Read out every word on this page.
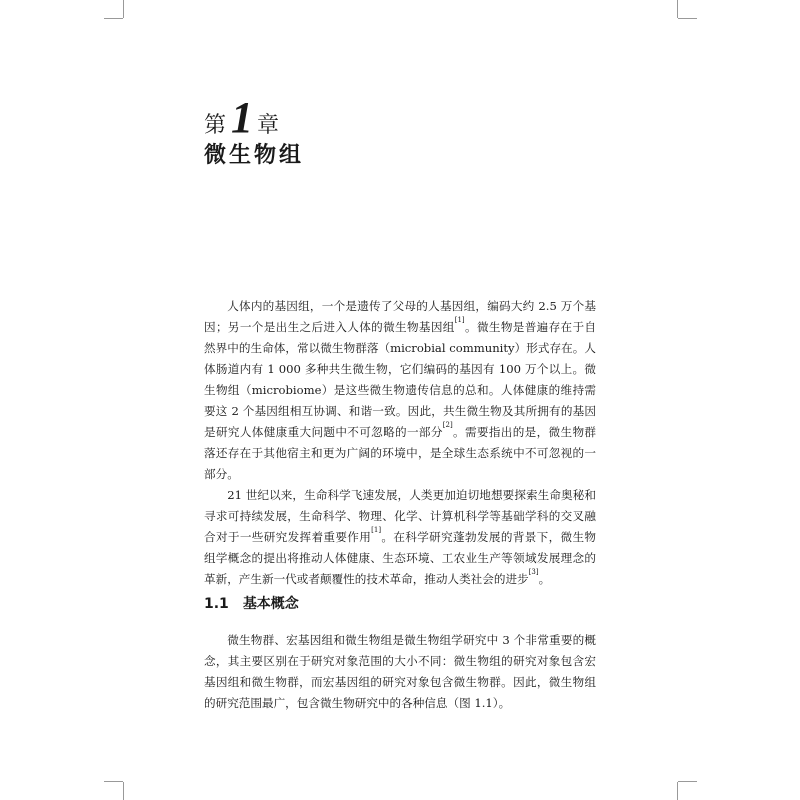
第1 章
微生物组

人体内的基因组，一个是遗传了父母的人基因组，编码大约 2.5 万个基因；另一个是出生之后进入人体的微生物基因组[1]。微生物是普遍存在于自然界中的生命体，常以微生物群落（microbial community）形式存在。人体肠道内有 1 000 多种共生微生物，它们编码的基因有 100 万个以上。微生物组（microbiome）是这些微生物遗传信息的总和。人体健康的维持需要这 2 个基因组相互协调、和谐一致。因此，共生微生物及其所拥有的基因是研究人体健康重大问题中不可忽略的一部分[2]。需要指出的是，微生物群落还存在于其他宿主和更为广阔的环境中，是全球生态系统中不可忽视的一部分。

21 世纪以来，生命科学飞速发展，人类更加迫切地想要探索生命奥秘和寻求可持续发展，生命科学、物理、化学、计算机科学等基础学科的交叉融合对于一些研究发挥着重要作用[1]。在科学研究蓬勃发展的背景下，微生物组学概念的提出将推动人体健康、生态环境、工农业生产等领域发展理念的革新，产生新一代或者颠覆性的技术革命，推动人类社会的进步[3]。

1.1 基本概念

微生物群、宏基因组和微生物组是微生物组学研究中 3 个非常重要的概念，其主要区别在于研究对象范围的大小不同：微生物组的研究对象包含宏基因组和微生物群，而宏基因组的研究对象包含微生物群。因此，微生物组的研究范围最广，包含微生物研究中的各种信息（图 1.1）。
